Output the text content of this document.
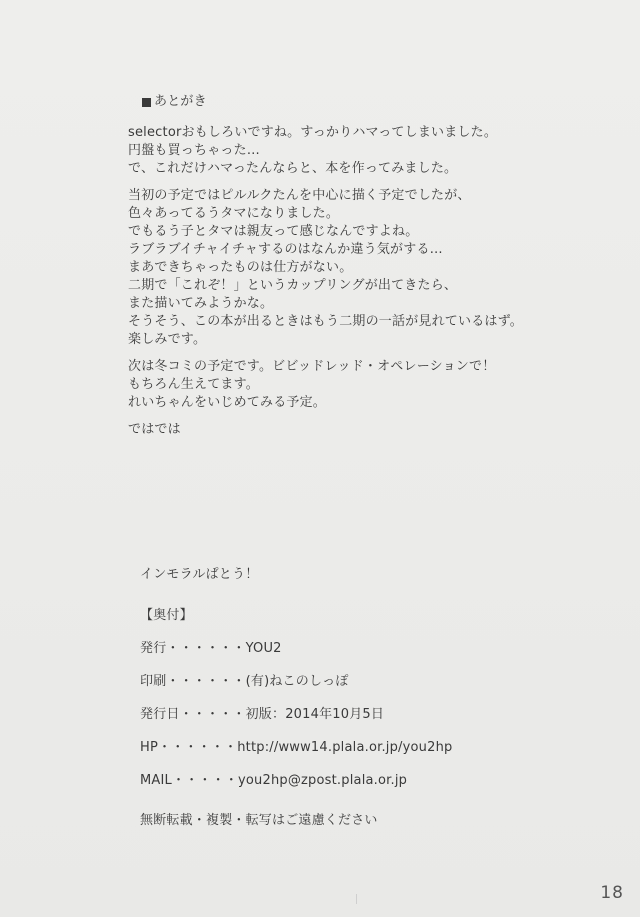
あとがき
selectorおもしろいですね。すっかりハマってしまいました。
円盤も買っちゃった…
で、これだけハマったんならと、本を作ってみました。
当初の予定ではピルルクたんを中心に描く予定でしたが、
色々あってるうタマになりました。
でもるう子とタマは親友って感じなんですよね。
ラブラブイチャイチャするのはなんか違う気がする…
まあできちゃったものは仕方がない。
二期で「これぞ！」というカップリングが出てきたら、
また描いてみようかな。
そうそう、この本が出るときはもう二期の一話が見れているはず。
楽しみです。
次は冬コミの予定です。ビビッドレッド・オペレーションで！
もちろん生えてます。
れいちゃんをいじめてみる予定。
ではでは
インモラルぱとう！
【奥付】
発行・・・・・・YOU2
印刷・・・・・・(有)ねこのしっぽ
発行日・・・・・初版：2014年10月5日
HP・・・・・・http://www14.plala.or.jp/you2hp
MAIL・・・・・you2hp@zpost.plala.or.jp
無断転載・複製・転写はご遠慮ください
18
